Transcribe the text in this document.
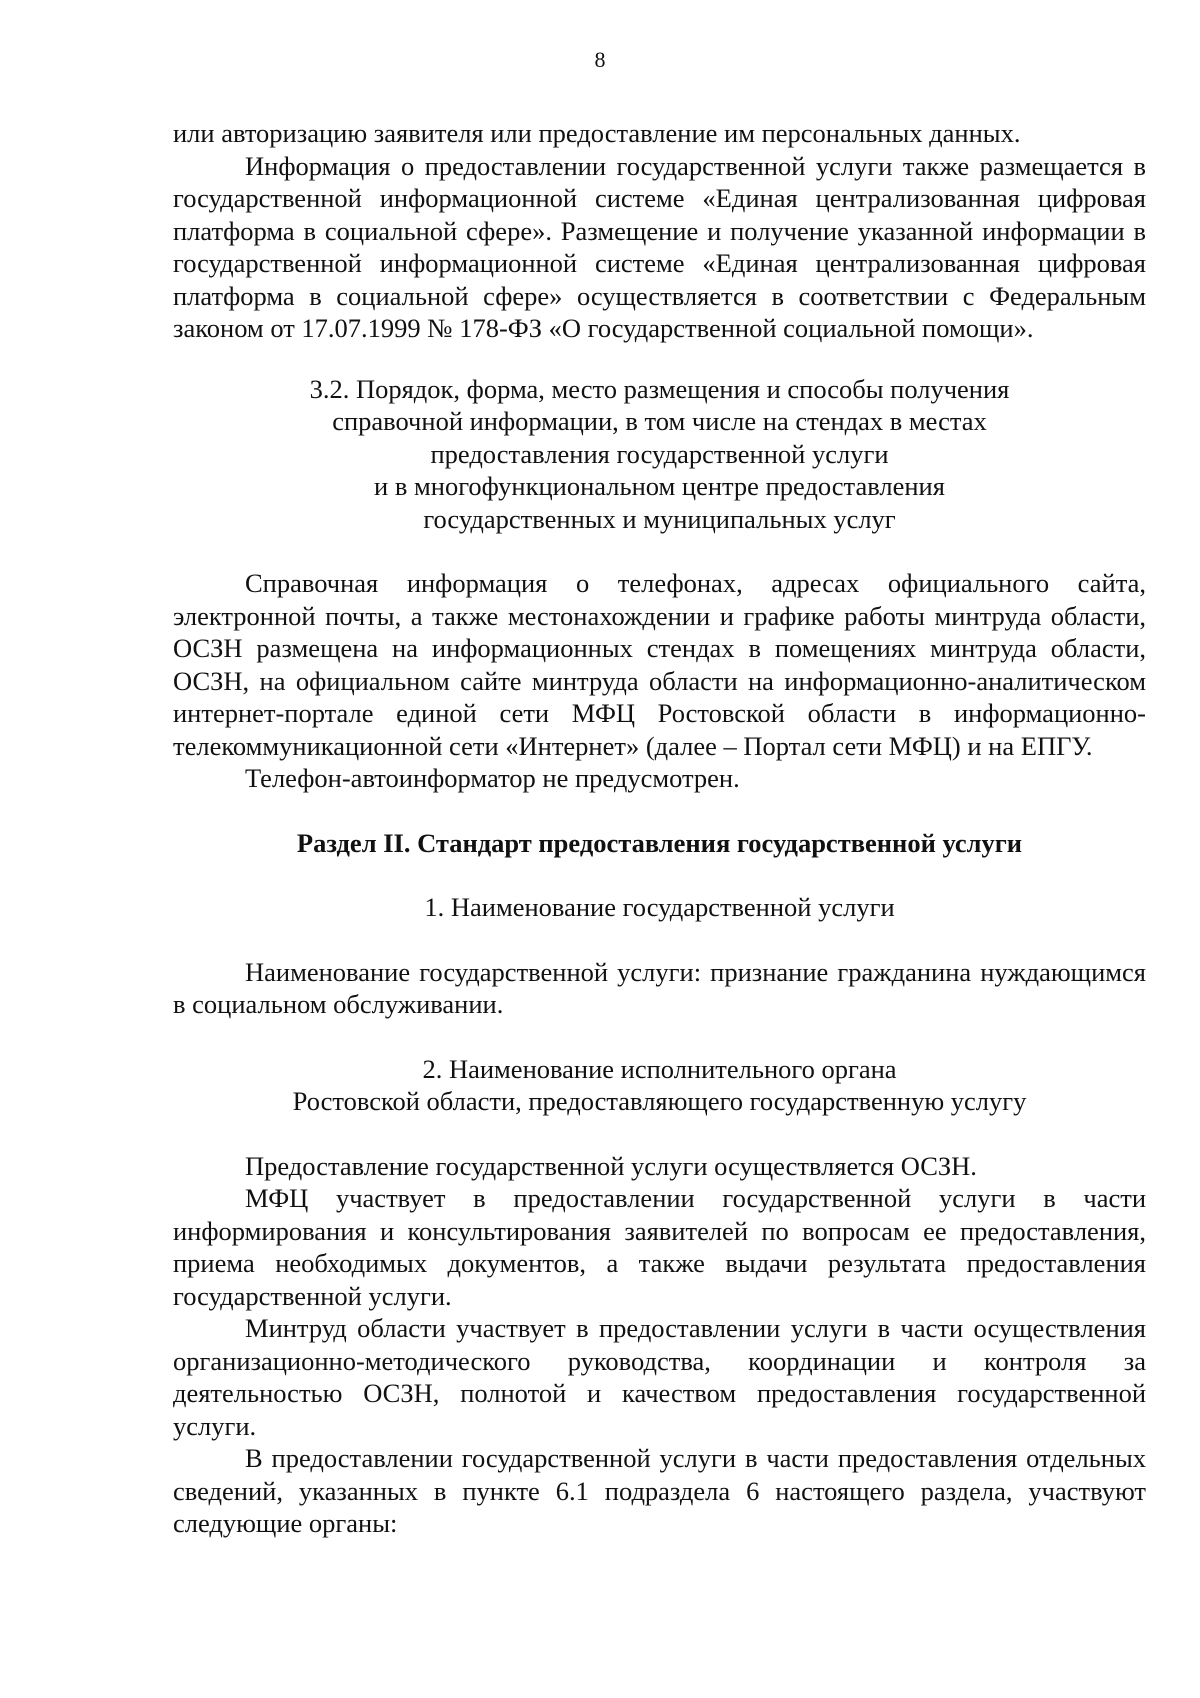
8

или авторизацию заявителя или предоставление им персональных данных.

Информация о предоставлении государственной услуги также размещается в государственной информационной системе «Единая централизованная цифровая платформа в социальной сфере». Размещение и получение указанной информации в государственной информационной системе «Единая централизованная цифровая платформа в социальной сфере» осуществляется в соответствии с Федеральным законом от 17.07.1999 № 178-ФЗ «О государственной социальной помощи».

3.2. Порядок, форма, место размещения и способы получения
справочной информации, в том числе на стендах в местах
предоставления государственной услуги
и в многофункциональном центре предоставления
государственных и муниципальных услуг

Справочная информация о телефонах, адресах официального сайта, электронной почты, а также местонахождении и графике работы минтруда области, ОСЗН размещена на информационных стендах в помещениях минтруда области, ОСЗН, на официальном сайте минтруда области на информационно-аналитическом интернет-портале единой сети МФЦ Ростовской области в информационно-телекоммуникационной сети «Интернет» (далее – Портал сети МФЦ) и на ЕПГУ.

Телефон-автоинформатор не предусмотрен.

Раздел II. Стандарт предоставления государственной услуги

1. Наименование государственной услуги

Наименование государственной услуги: признание гражданина нуждающимся в социальном обслуживании.

2. Наименование исполнительного органа
Ростовской области, предоставляющего государственную услугу

Предоставление государственной услуги осуществляется ОСЗН.

МФЦ участвует в предоставлении государственной услуги в части информирования и консультирования заявителей по вопросам ее предоставления, приема необходимых документов, а также выдачи результата предоставления государственной услуги.

Минтруд области участвует в предоставлении услуги в части осуществления организационно-методического руководства, координации и контроля за деятельностью ОСЗН, полнотой и качеством предоставления государственной услуги.

В предоставлении государственной услуги в части предоставления отдельных сведений, указанных в пункте 6.1 подраздела 6 настоящего раздела, участвуют следующие органы:
